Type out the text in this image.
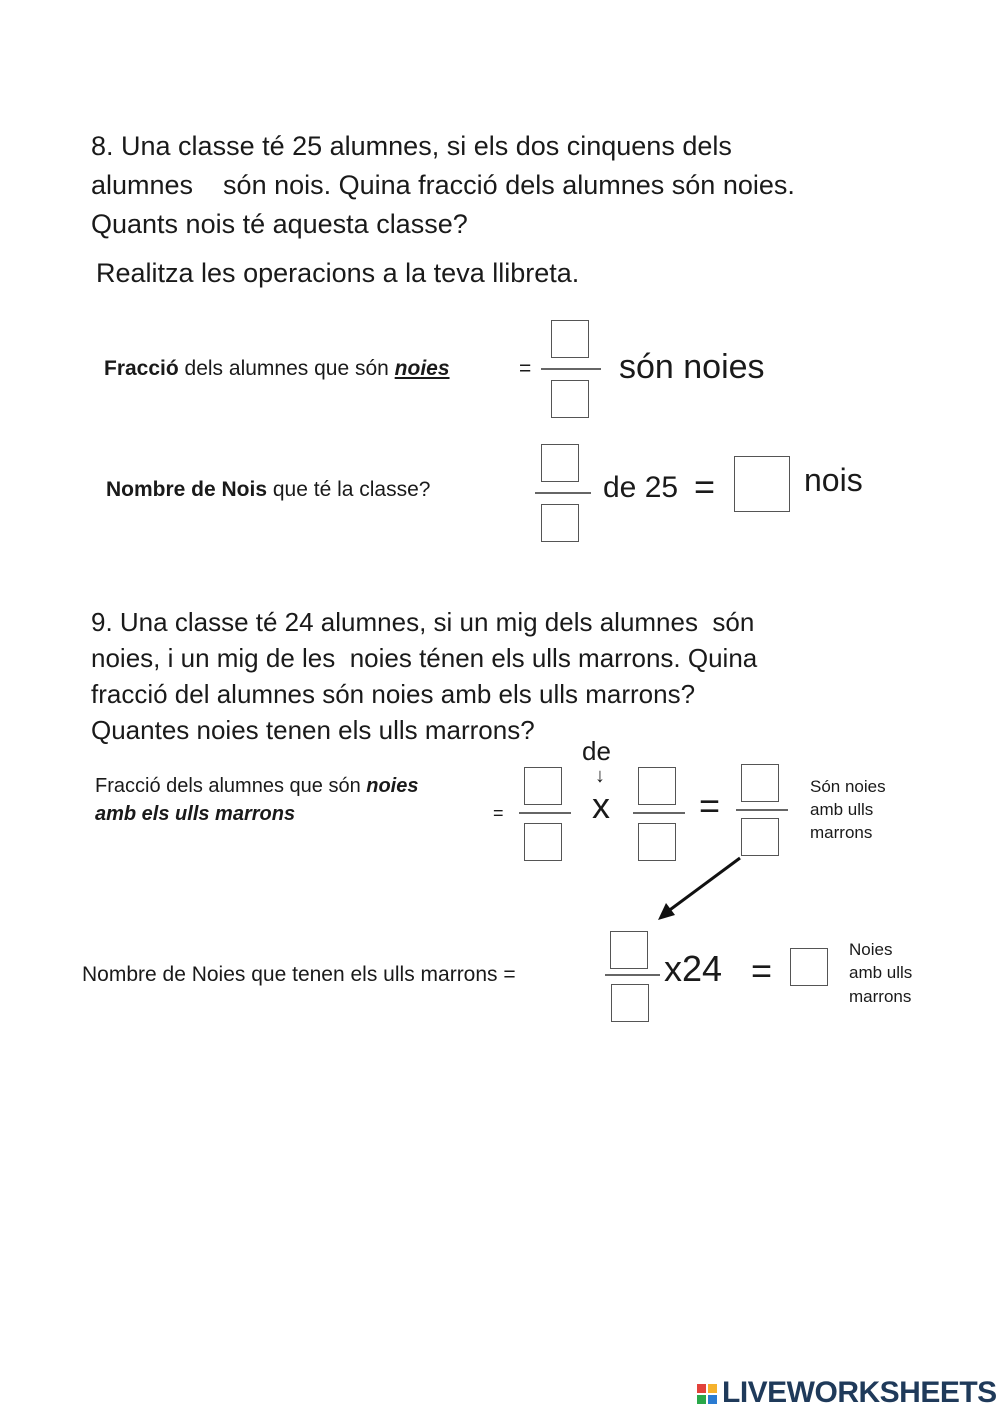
8. Una classe té 25 alumnes, si els dos cinquens dels
alumnes    són nois. Quina fracció dels alumnes són noies.
Quants nois té aquesta classe?
Realitza les operacions a la teva llibreta.
Fracció dels alumnes que són noies	=	són noies
Nombre de Nois que té la classe?	de 25 =	nois
9. Una classe té 24 alumnes, si un mig dels alumnes  són
noies, i un mig de les  noies ténen els ulls marrons. Quina
fracció del alumnes són noies amb els ulls marrons?
Quantes noies tenen els ulls marrons?
Fracció dels alumnes que són noies
amb els ulls marrons	=
de
↓
x =	Són noies
amb ulls
marrons
Nombre de Noies que tenen els ulls marrons =	x24 =
Noies
amb ulls
marrons
LIVEWORKSHEETS
